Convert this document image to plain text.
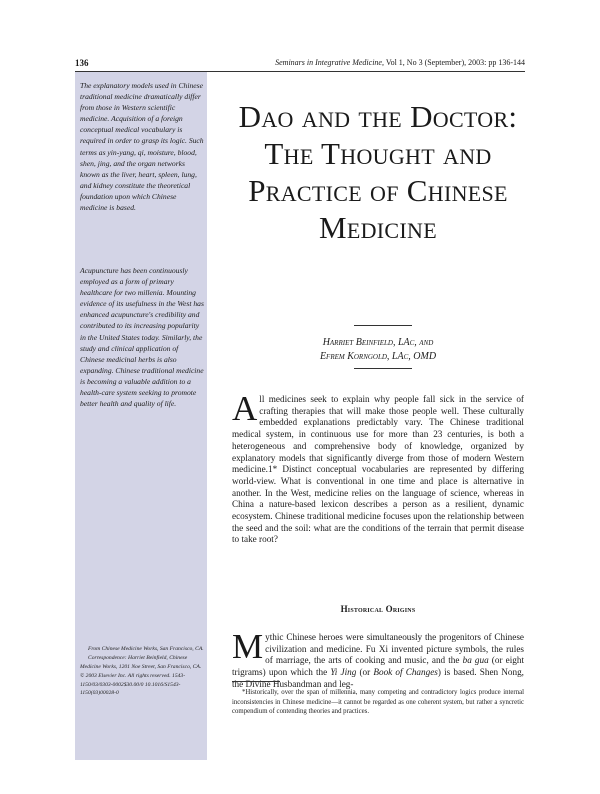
136	Seminars in Integrative Medicine, Vol 1, No 3 (September), 2003: pp 136-144
The explanatory models used in Chinese traditional medicine dramatically differ from those in Western scientific medicine. Acquisition of a foreign conceptual medical vocabulary is required in order to grasp its logic. Such terms as yin-yang, qi, moisture, blood, shen, jing, and the organ networks known as the liver, heart, spleen, lung, and kidney constitute the theoretical foundation upon which Chinese medicine is based.
Acupuncture has been continuously employed as a form of primary healthcare for two millenia. Mounting evidence of its usefulness in the West has enhanced acupuncture's credibility and contributed to its increasing popularity in the United States today. Similarly, the study and clinical application of Chinese medicinal herbs is also expanding. Chinese traditional medicine is becoming a valuable addition to a health-care system seeking to promote better health and quality of life.

From Chinese Medicine Works, San Francisco, CA.

Correspondence: Harriet Beinfield, Chinese Medicine Works, 1201 Noe Street, San Francisco, CA.

© 2003 Elsevier Inc. All rights reserved. 1543-1150/03/0303-0002$30.00/0 10.1016/S1543-1150(03)00028-0

Dao and the Doctor: The Thought and Practice of Chinese Medicine
Harriet Beinfield, LAc, and
Efrem Korngold, LAc, OMD
All medicines seek to explain why people fall sick in the service of crafting therapies that will make those people well. These culturally embedded explanations predictably vary. The Chinese traditional medical system, in continuous use for more than 23 centuries, is both a heterogeneous and comprehensive body of knowledge, organized by explanatory models that significantly diverge from those of modern Western medicine.1* Distinct conceptual vocabularies are represented by differing world-view. What is conventional in one time and place is alternative in another. In the West, medicine relies on the language of science, whereas in China a nature-based lexicon describes a person as a resilient, dynamic ecosystem. Chinese traditional medicine focuses upon the relationship between the seed and the soil: what are the conditions of the terrain that permit disease to take root?
Historical Origins
Mythic Chinese heroes were simultaneously the progenitors of Chinese civilization and medicine. Fu Xi invented picture symbols, the rules of marriage, the arts of cooking and music, and the ba gua (or eight trigrams) upon which the Yi Jing (or Book of Changes) is based. Shen Nong, the Divine Husbandman and leg-
*Historically, over the span of millennia, many competing and contradictory logics produce internal inconsistencies in Chinese medicine—it cannot be regarded as one coherent system, but rather a syncretic compendium of contending theories and practices.
